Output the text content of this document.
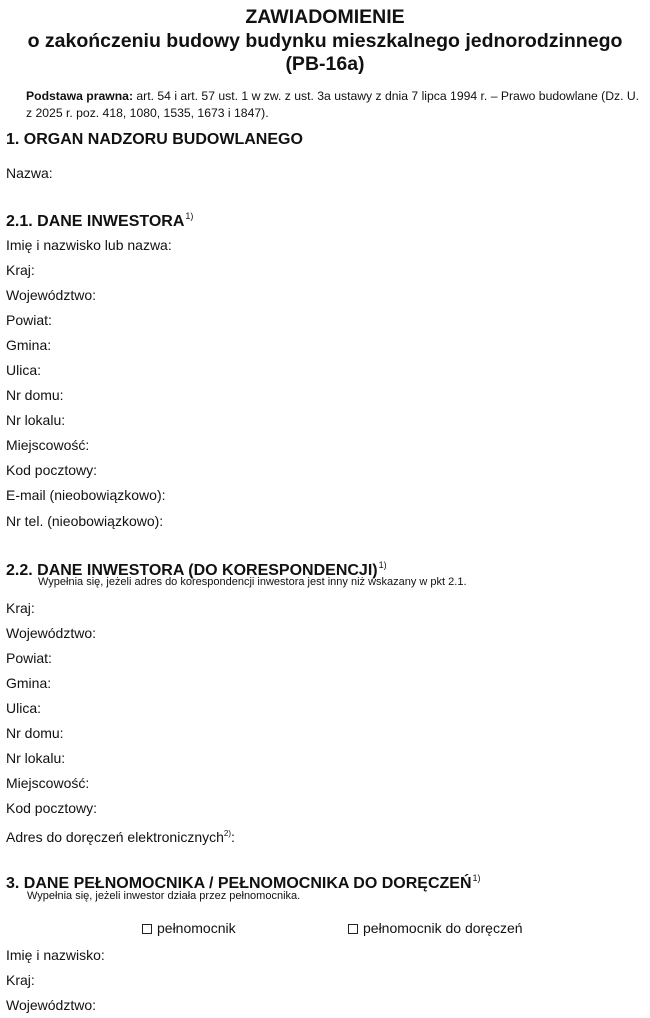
ZAWIADOMIENIE
o zakończeniu budowy budynku mieszkalnego jednorodzinnego
(PB-16a)
Podstawa prawna: art. 54 i art. 57 ust. 1 w zw. z ust. 3a ustawy z dnia 7 lipca 1994 r. – Prawo budowlane (Dz. U. z 2025 r. poz. 418, 1080, 1535, 1673 i 1847).
1. ORGAN NADZORU BUDOWLANEGO
Nazwa:
2.1. DANE INWESTORA$^{1)}$
Imię i nazwisko lub nazwa:
Kraj:
Województwo:
Powiat:
Gmina:
Ulica:
Nr domu:
Nr lokalu:
Miejscowość:
Kod pocztowy:
E-mail (nieobowiązkowo):
Nr tel. (nieobowiązkowo):
2.2. DANE INWESTORA (DO KORESPONDENCJI)$^{1)}$
Wypełnia się, jeżeli adres do korespondencji inwestora jest inny niż wskazany w pkt 2.1.
Kraj:
Województwo:
Powiat:
Gmina:
Ulica:
Nr domu:
Nr lokalu:
Miejscowość:
Kod pocztowy:
Adres do doręczeń elektronicznych$^{2)}$:
3. DANE PEŁNOMOCNIKA / PEŁNOMOCNIKA DO DORĘCZEŃ$^{1)}$
Wypełnia się, jeżeli inwestor działa przez pełnomocnika.
pełnomocnik	pełnomocnik do doręczeń
Imię i nazwisko:
Kraj:
Województwo:
